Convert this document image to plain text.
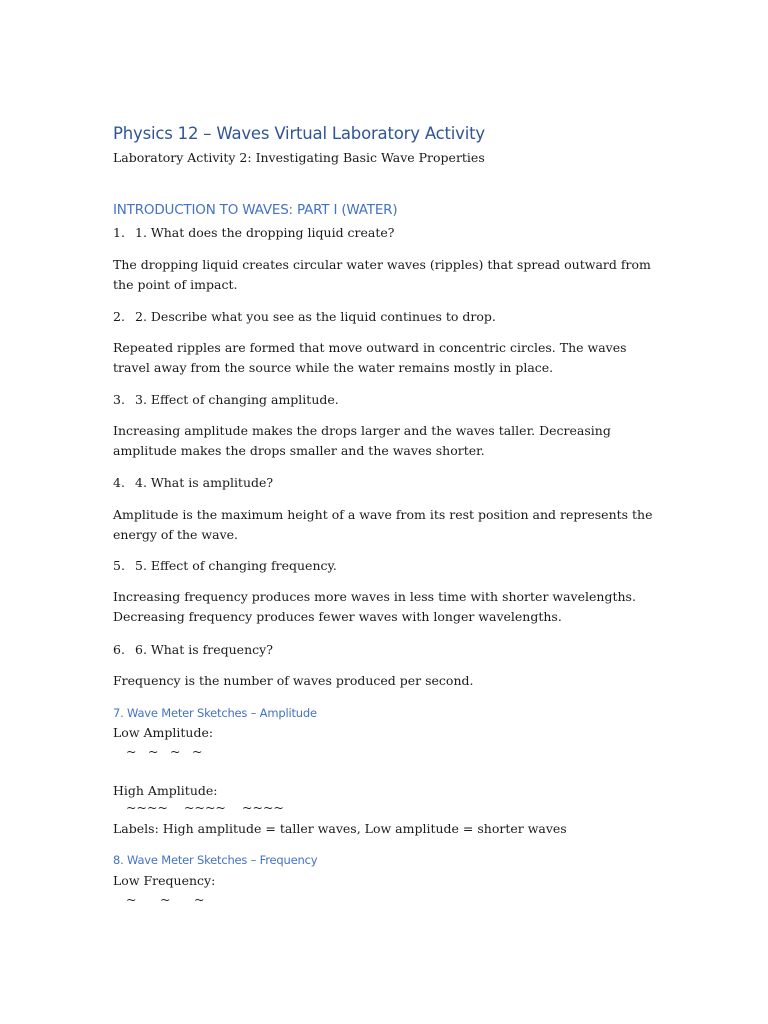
Physics 12 – Waves Virtual Laboratory Activity
Laboratory Activity 2: Investigating Basic Wave Properties
INTRODUCTION TO WAVES: PART I (WATER)
1. 1. What does the dropping liquid create?
The dropping liquid creates circular water waves (ripples) that spread outward from the point of impact.
2. 2. Describe what you see as the liquid continues to drop.
Repeated ripples are formed that move outward in concentric circles. The waves travel away from the source while the water remains mostly in place.
3. 3. Effect of changing amplitude.
Increasing amplitude makes the drops larger and the waves taller. Decreasing amplitude makes the drops smaller and the waves shorter.
4. 4. What is amplitude?
Amplitude is the maximum height of a wave from its rest position and represents the energy of the wave.
5. 5. Effect of changing frequency.
Increasing frequency produces more waves in less time with shorter wavelengths. Decreasing frequency produces fewer waves with longer wavelengths.
6. 6. What is frequency?
Frequency is the number of waves produced per second.
7. Wave Meter Sketches – Amplitude
Low Amplitude:
~ ~ ~ ~
High Amplitude:
~~~~ ~~~~ ~~~~
Labels: High amplitude = taller waves, Low amplitude = shorter waves
8. Wave Meter Sketches – Frequency
Low Frequency:
~ ~ ~
